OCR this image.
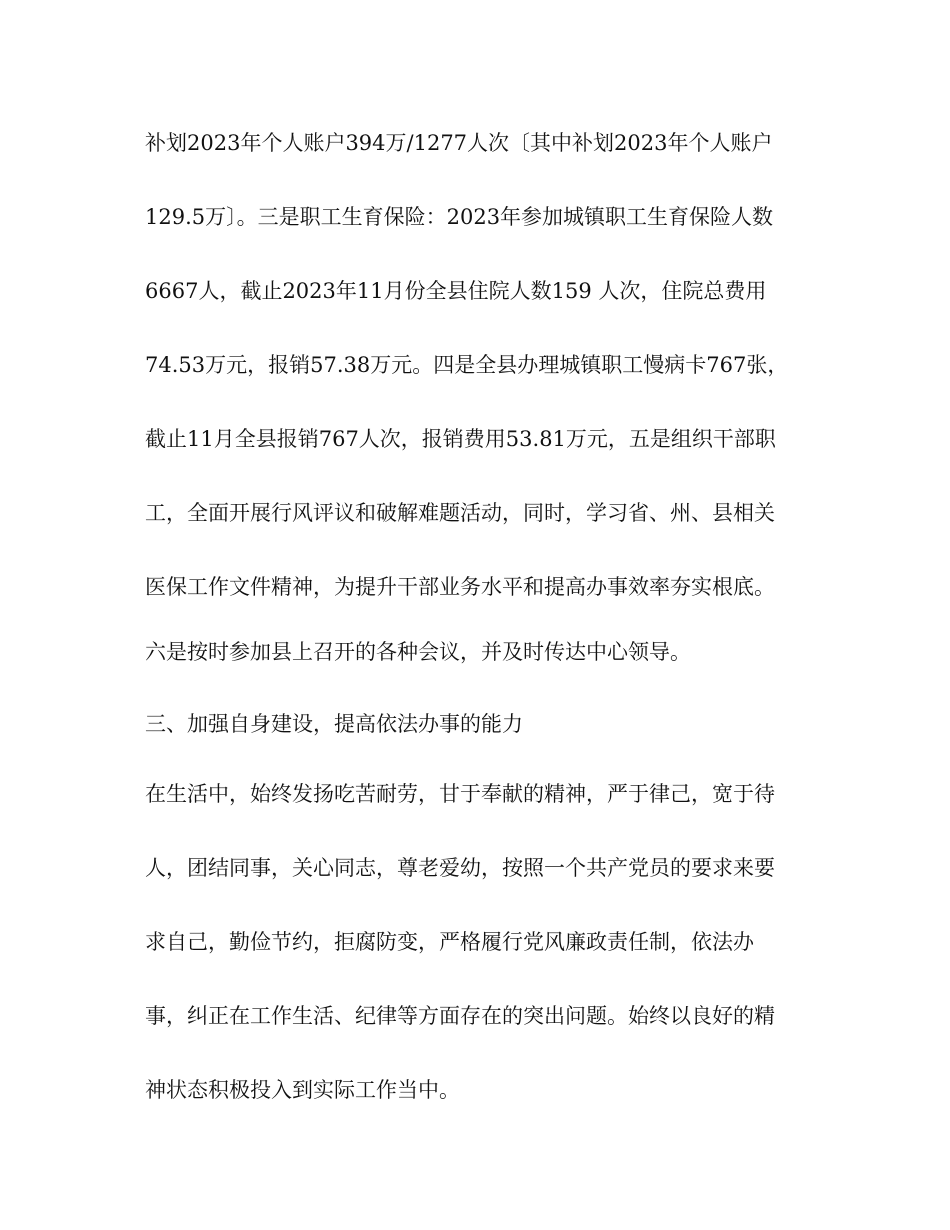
补划2023年个人账户394万/1277人次〔其中补划2023年个人账户
129.5万〕。三是职工生育保险：2023年参加城镇职工生育保险人数
6667人，截止2023年11月份全县住院人数159 人次，住院总费用
74.53万元，报销57.38万元。四是全县办理城镇职工慢病卡767张，
截止11月全县报销767人次，报销费用53.81万元，五是组织干部职
工，全面开展行风评议和破解难题活动，同时，学习省、州、县相关
医保工作文件精神，为提升干部业务水平和提高办事效率夯实根底。
六是按时参加县上召开的各种会议，并及时传达中心领导。
三、加强自身建设，提高依法办事的能力
在生活中，始终发扬吃苦耐劳，甘于奉献的精神，严于律己，宽于待
人，团结同事，关心同志，尊老爱幼，按照一个共产党员的要求来要
求自己，勤俭节约，拒腐防变，严格履行党风廉政责任制，依法办
事，纠正在工作生活、纪律等方面存在的突出问题。始终以良好的精
神状态积极投入到实际工作当中。
